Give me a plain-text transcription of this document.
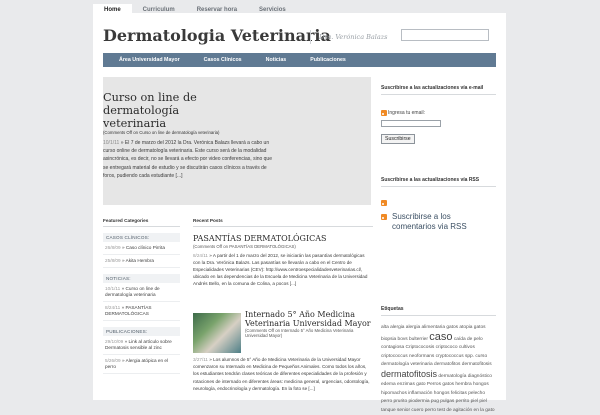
Home	Curriculum	Reservar hora	Servicios
Dermatologia Veterinaria
Dra. Verónica Balazs
Área Universidad Mayor	Casos Clínicos	Noticias	Publicaciones
Curso on line de dermatología veterinaria
(Comments Off on Curso on line de dermatología veterinaria)
10/1/11 » El 7 de marzo del 2012 la Dra. Verónica Balazs llevará a cabo un curso online de dermatología veterinaria. Este curso será de la modalidad asincrónica, es decir, no se llevará a efecto por video conferencias, sino que se entregará material de estudio y se discutirán casos clínicos a través de foros, pudiendo cada estudiante [...]
Suscribirse a las actualizaciones vía e-mail
Ingresa tu email:
Suscribirse
Suscribirse a las actualizaciones vía RSS
Suscribirse a los comentarios via RSS
Etiquetas
alta alergia alergia alimentaria gatos atopia gatos biopsia bovs bulterrier caso caída de pelo contagiosa Criptococosis criptococo cultivos criptococcus neoformans cryptococcus spp. curso dermatología veterinaria dermatofitos dermatofitosis dermatofitosis dermatología diagnóstico edema enzimas gato Perros gatos hembra hongos hipomachos inflamación hongos felicitas pelecho perro prurito piodermia pug pulgas perrito piel piel tanque senior cuero perro test de agitación en la gato
Featured Categories
CASOS CLÍNICOS:
26/8/09 » Caso clínico Pirrita
25/8/09 » Akita Hembra
NOTICIAS:
10/1/11 » Curso on line de dermatología veterinaria
8/24/11 » PASANTÍAS DERMATOLÓGICAS
PUBLICACIONES:
29/10/09 » Link al artículo sobre Dermatosis sensible al zinc
5/26/09 » Alergia atópica en el perro
Recent Posts
PASANTÍAS DERMATOLÓGICAS
(Comments Off on PASANTÍAS DERMATOLÓGICAS)
8/24/11 » A partir del 1 de marzo del 2012, se iniciarán las pasantías dermatológicas con la Dra. Verónica Balazs. Las pasantías se llevarán a cabo en el Centro de Especialidades Veterinarias (CEV): http://www.centroespecialidadesveterinarias.cl/, ubicado en las dependencias de la Escuela de Medicina Veterinaria de la Universidad Andrés Bello, en la comuna de Colina, a pocos [...]
Internado 5° Año Medicina Veterinaria Universidad Mayor
(Comments Off on Internado 5° Año Medicina Veterinaria Universidad Mayor)
3/27/11 » Los alumnos de 5° Año de Medicina Veterinaria de la Universidad Mayor comenzaron su Internado en Medicina de Pequeños Animales. Como todos los años, los estudiantes tendrán clases teóricas de diferentes especialidades de la profesión y rotaciones de internado en diferentes áreas: medicina general, urgencias, odontología, neurología, endocrinología y dermatología. En la foto se [...]
